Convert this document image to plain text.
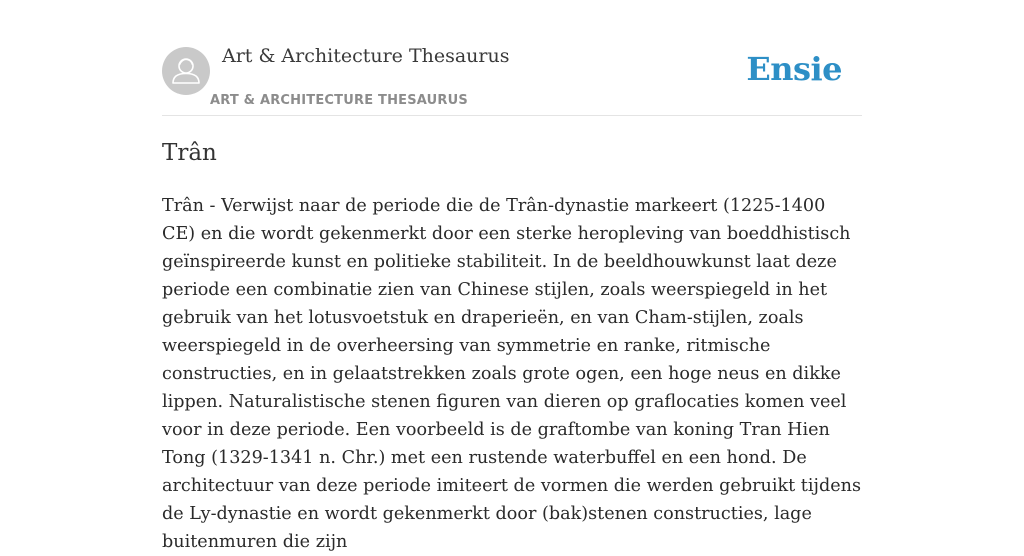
Art & Architecture Thesaurus
ART & ARCHITECTURE THESAURUS
Ensie
Trân

Trân - Verwijst naar de periode die de Trân-dynastie markeert (1225-1400 CE) en die wordt gekenmerkt door een sterke heropleving van boeddhistisch geïnspireerde kunst en politieke stabiliteit. In de beeldhouwkunst laat deze periode een combinatie zien van Chinese stijlen, zoals weerspiegeld in het gebruik van het lotusvoetstuk en draperieën, en van Cham-stijlen, zoals weerspiegeld in de overheersing van symmetrie en ranke, ritmische constructies, en in gelaatstrekken zoals grote ogen, een hoge neus en dikke lippen. Naturalistische stenen figuren van dieren op graflocaties komen veel voor in deze periode. Een voorbeeld is de graftombe van koning Tran Hien Tong (1329-1341 n. Chr.) met een rustende waterbuffel en een hond. De architectuur van deze periode imiteert de vormen die werden gebruikt tijdens de Ly-dynastie en wordt gekenmerkt door (bak)stenen constructies, lage buitenmuren die zijn
